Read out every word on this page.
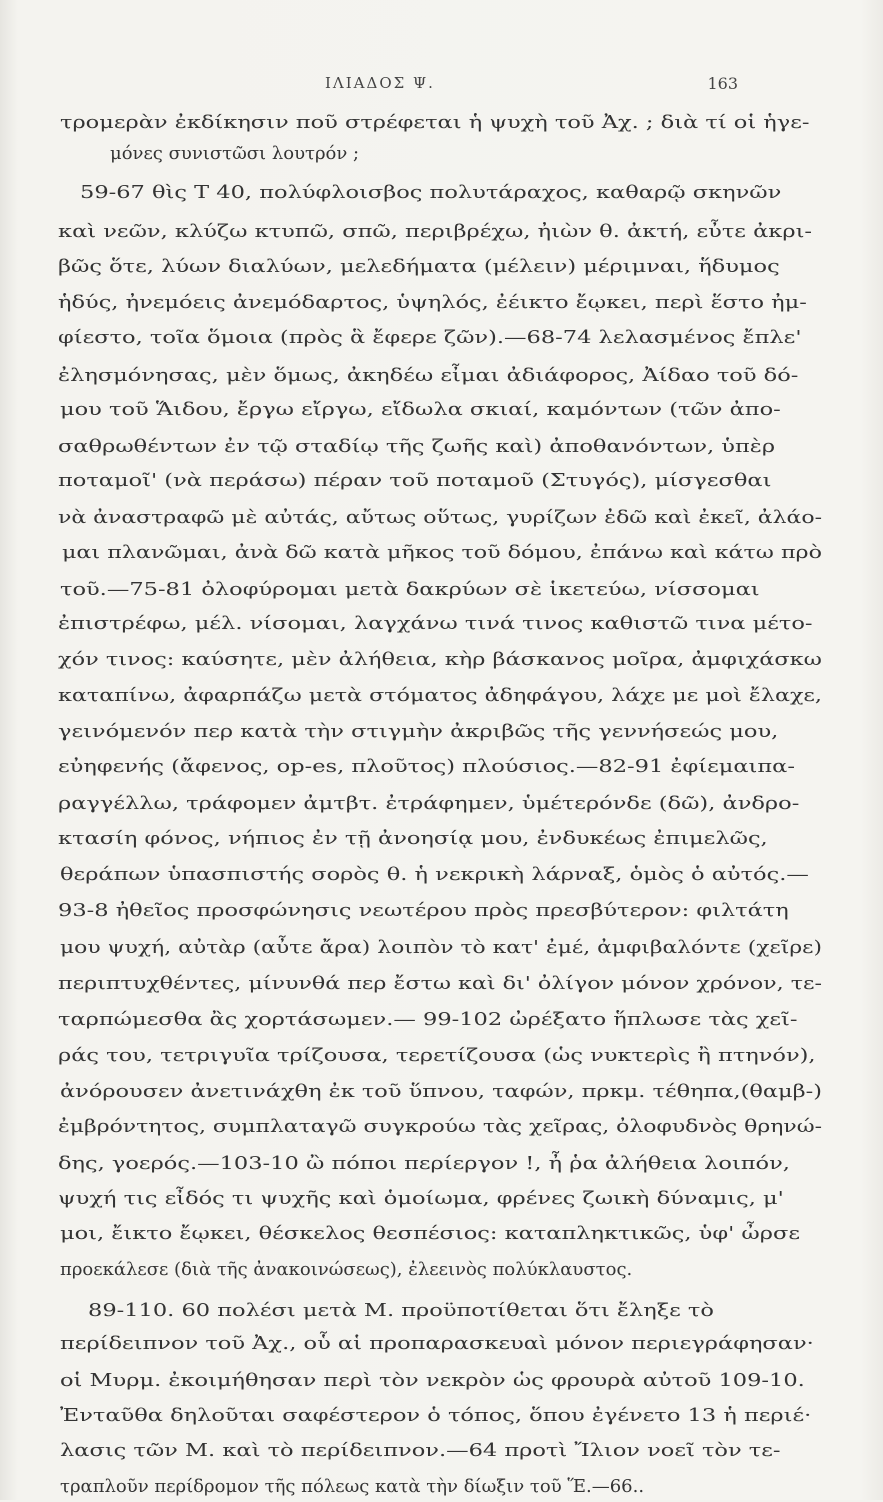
ΙΛΙΑΔΟΣ Ψ.	163
τρομερὰν ἐκδίκησιν ποῦ στρέφεται ἡ ψυχὴ τοῦ Ἀχ. ; διὰ τί οἱ ἡγε-
μόνες συνιστῶσι λουτρόν ;
59-67 θὶς Τ 40, πολύφλοισβος πολυτάραχος, καθαρῷ σκηνῶν
καὶ νεῶν, κλύζω κτυπῶ, σπῶ, περιβρέχω, ἠιὼν θ. ἀκτή, εὖτε ἀκρι-
βῶς ὅτε, λύων διαλύων, μελεδήματα (μέλειν) μέριμναι, ἥδυμος
ἡδύς, ἠνεμόεις ἀνεμόδαρτος, ὑψηλός, ἐέικτο ἔῳκει, περὶ ἕστο ἠμ-
φίεστο, τοῖα ὅμοια (πρὸς ἃ ἔφερε ζῶν).—68-74 λελασμένος ἔπλε'
ἐλησμόνησας, μὲν ὅμως, ἀκηδέω εἶμαι ἀδιάφορος, Ἀίδαο τοῦ δό-
μου τοῦ Ἅιδου, ἔργω εἴργω, εἴδωλα σκιαί, καμόντων (τῶν ἀπο-
σαθρωθέντων ἐν τῷ σταδίῳ τῆς ζωῆς καὶ) ἀποθανόντων, ὑπὲρ
ποταμοῖ' (νὰ περάσω) πέραν τοῦ ποταμοῦ (Στυγός), μίσγεσθαι
νὰ ἀναστραφῶ μὲ αὐτάς, αὔτως οὕτως, γυρίζων ἐδῶ καὶ ἐκεῖ, ἀλάο-
μαι πλανῶμαι, ἀνὰ δῶ κατὰ μῆκος τοῦ δόμου, ἐπάνω καὶ κάτω πρὸ
τοῦ.—75-81 ὀλοφύρομαι μετὰ δακρύων σὲ ἱκετεύω, νίσσομαι
ἐπιστρέφω, μέλ. νίσομαι, λαγχάνω τινά τινος καθιστῶ τινα μέτο-
χόν τινος: καύσητε, μὲν ἀλήθεια, κὴρ βάσκανος μοῖρα, ἀμφιχάσκω
καταπίνω, ἀφαρπάζω μετὰ στόματος ἀδηφάγου, λάχε με μοὶ ἔλαχε,
γεινόμενόν περ κατὰ τὴν στιγμὴν ἀκριβῶς τῆς γεννήσεώς μου,
εὐηφενής (ἄφενος, op-es, πλοῦτος) πλούσιος.—82-91 ἐφίεμαιπα-
ραγγέλλω, τράφομεν ἀμτβτ. ἐτράφημεν, ὑμέτερόνδε (δῶ), ἀνδρο-
κτασίη φόνος, νήπιος ἐν τῇ ἀνοησίᾳ μου, ἐνδυκέως ἐπιμελῶς,
θεράπων ὑπασπιστής σορὸς θ. ἡ νεκρικὴ λάρναξ, ὁμὸς ὁ αὐτός.—
93-8 ἠθεῖος προσφώνησις νεωτέρου πρὸς πρεσβύτερον: φιλτάτη
μου ψυχή, αὐτὰρ (αὖτε ἄρα) λοιπὸν τὸ κατ' ἐμέ, ἀμφιβαλόντε (χεῖρε)
περιπτυχθέντες, μίνυνθά περ ἔστω καὶ δι' ὀλίγον μόνον χρόνον, τε-
ταρπώμεσθα ἂς χορτάσωμεν.— 99-102 ὠρέξατο ἥπλωσε τὰς χεῖ-
ράς του, τετριγυῖα τρίζουσα, τερετίζουσα (ὡς νυκτερὶς ἢ πτηνόν),
ἀνόρουσεν ἀνετινάχθη ἐκ τοῦ ὕπνου, ταφών, πρκμ. τέθηπα,(θαμβ-)
ἐμβρόντητος, συμπλαταγῶ συγκρούω τὰς χεῖρας, ὀλοφυδνὸς θρηνώ-
δης, γοερός.—103-10 ὢ πόποι περίεργον !, ἦ ῥα ἀλήθεια λοιπόν,
ψυχή τις εἶδός τι ψυχῆς καὶ ὁμοίωμα, φρένες ζωικὴ δύναμις, μ'
μοι, ἔικτο ἔῳκει, θέσκελος θεσπέσιος: καταπληκτικῶς, ὑφ' ὦρσε
προεκάλεσε (διὰ τῆς ἀνακοινώσεως), ἐλεεινὸς πολύκλαυστος.
89-110. 60 πολέσι μετὰ Μ. προϋποτίθεται ὅτι ἔληξε τὸ
περίδειπνον τοῦ Ἀχ., οὗ αἱ προπαρασκευαὶ μόνον περιεγράφησαν·
οἱ Μυρμ. ἐκοιμήθησαν περὶ τὸν νεκρὸν ὡς φρουρὰ αὐτοῦ 109-10.
Ἐνταῦθα δηλοῦται σαφέστερον ὁ τόπος, ὅπου ἐγένετο 13 ἡ περιέ·
λασις τῶν Μ. καὶ τὸ περίδειπνον.—64 προτὶ Ἴλιον νοεῖ τὸν τε-
τραπλοῦν περίδρομον τῆς πόλεως κατὰ τὴν δίωξιν τοῦ Ἕ.—66..
